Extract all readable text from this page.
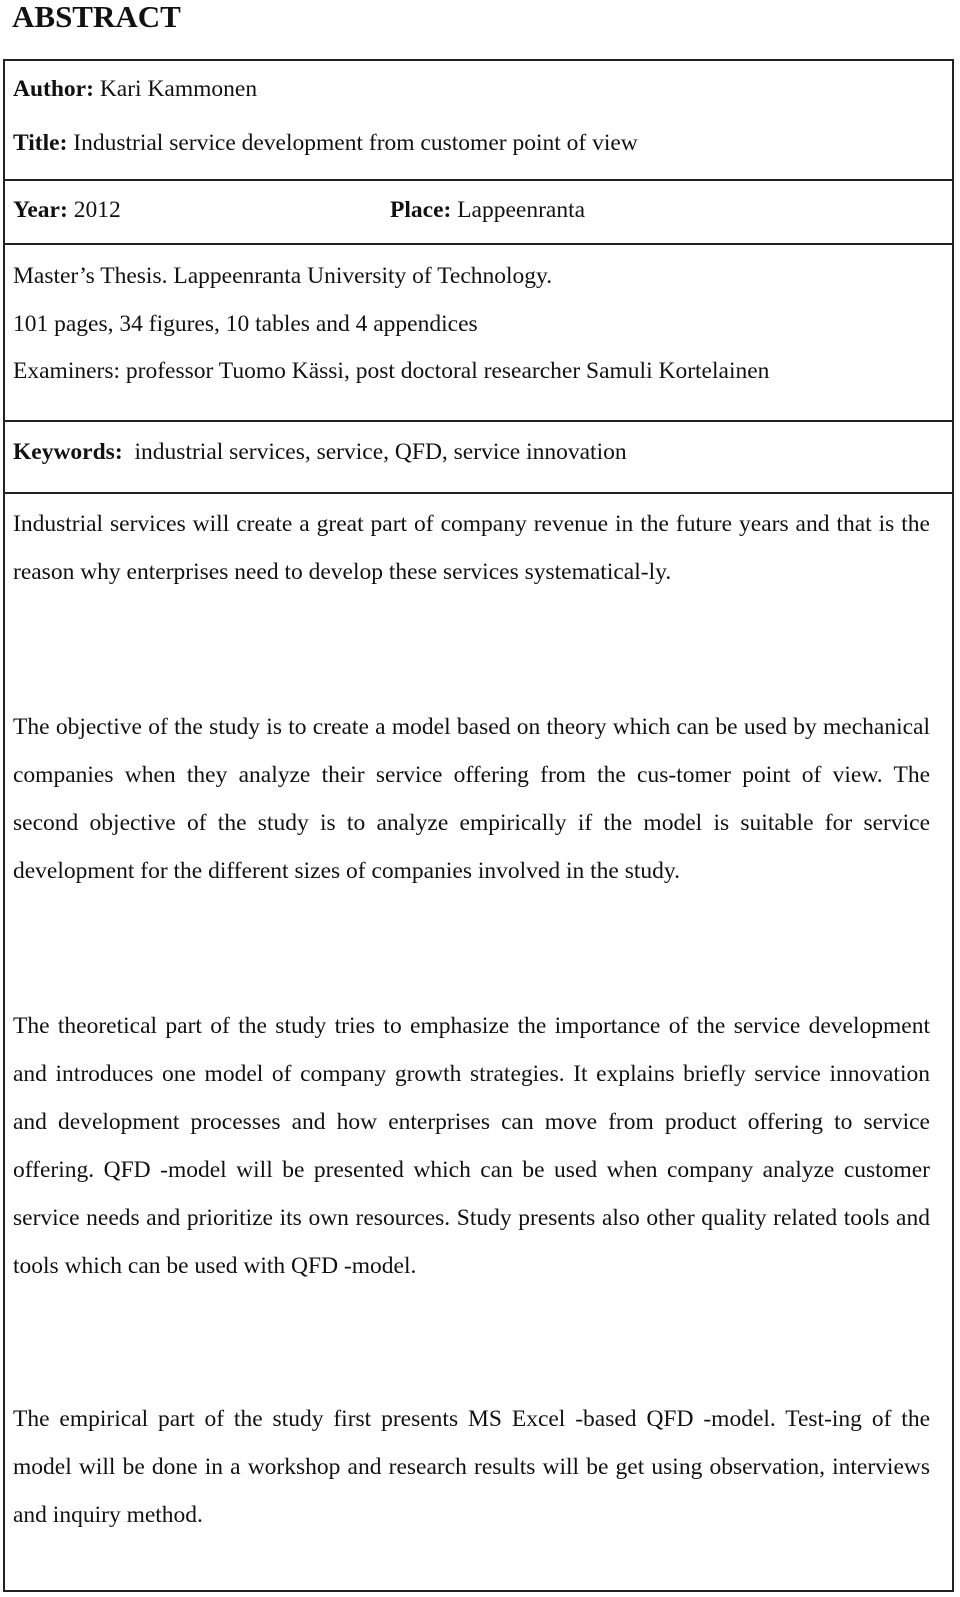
ABSTRACT
Author: Kari Kammonen
Title: Industrial service development from customer point of view
Year: 2012	Place: Lappeenranta
Master’s Thesis. Lappeenranta University of Technology.
101 pages, 34 figures, 10 tables and 4 appendices
Examiners: professor Tuomo Kässi, post doctoral researcher Samuli Kortelainen
Keywords: industrial services, service, QFD, service innovation
Industrial services will create a great part of company revenue in the future years and that is the reason why enterprises need to develop these services systematical-ly.
The objective of the study is to create a model based on theory which can be used by mechanical companies when they analyze their service offering from the cus-tomer point of view. The second objective of the study is to analyze empirically if the model is suitable for service development for the different sizes of companies involved in the study.
The theoretical part of the study tries to emphasize the importance of the service development and introduces one model of company growth strategies. It explains briefly service innovation and development processes and how enterprises can move from product offering to service offering. QFD -model will be presented which can be used when company analyze customer service needs and prioritize its own resources. Study presents also other quality related tools and tools which can be used with QFD -model.
The empirical part of the study first presents MS Excel -based QFD -model. Test-ing of the model will be done in a workshop and research results will be get using observation, interviews and inquiry method.
